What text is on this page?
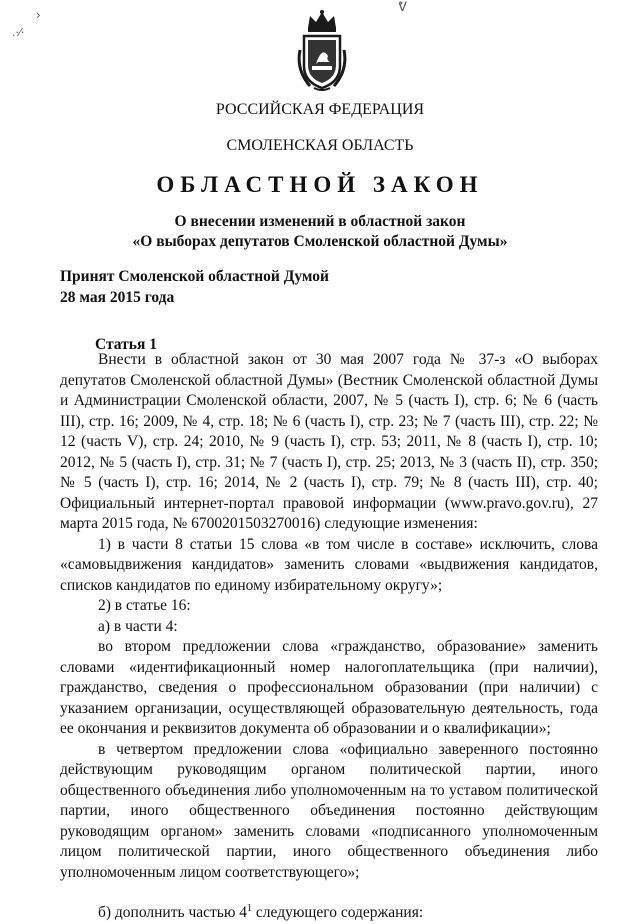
›
.·⁄·
ᕓ
РОССИЙСКАЯ ФЕДЕРАЦИЯ
СМОЛЕНСКАЯ ОБЛАСТЬ
ОБЛАСТНОЙ ЗАКОН
О внесении изменений в областной закон
«О выборах депутатов Смоленской областной Думы»
Принят Смоленской областной Думой
28 мая 2015 года
Статья 1

Внести в областной закон от 30 мая 2007 года № 37-з «О выборах депутатов Смоленской областной Думы» (Вестник Смоленской областной Думы и Администрации Смоленской области, 2007, № 5 (часть I), стр. 6; № 6 (часть III), стр. 16; 2009, № 4, стр. 18; № 6 (часть I), стр. 23; № 7 (часть III), стр. 22; № 12 (часть V), стр. 24; 2010, № 9 (часть I), стр. 53; 2011, № 8 (часть I), стр. 10; 2012, № 5 (часть I), стр. 31; № 7 (часть I), стр. 25; 2013, № 3 (часть II), стр. 350; № 5 (часть I), стр. 16; 2014, № 2 (часть I), стр. 79; № 8 (часть III), стр. 40; Официальный интернет-портал правовой информации (www.pravo.gov.ru), 27 марта 2015 года, № 6700201503270016) следующие изменения:

1) в части 8 статьи 15 слова «в том числе в составе» исключить, слова «самовыдвижения кандидатов» заменить словами «выдвижения кандидатов, списков кандидатов по единому избирательному округу»;

2) в статье 16:

а) в части 4:

во втором предложении слова «гражданство, образование» заменить словами «идентификационный номер налогоплательщика (при наличии), гражданство, сведения о профессиональном образовании (при наличии) с указанием организации, осуществляющей образовательную деятельность, года ее окончания и реквизитов документа об образовании и о квалификации»;

в четвертом предложении слова «официально заверенного постоянно действующим руководящим органом политической партии, иного общественного объединения либо уполномоченным на то уставом политической партии, иного общественного объединения постоянно действующим руководящим органом» заменить словами «подписанного уполномоченным лицом политической партии, иного общественного объединения либо уполномоченным лицом соответствующего»;

б) дополнить частью $4^1$ следующего содержания:
